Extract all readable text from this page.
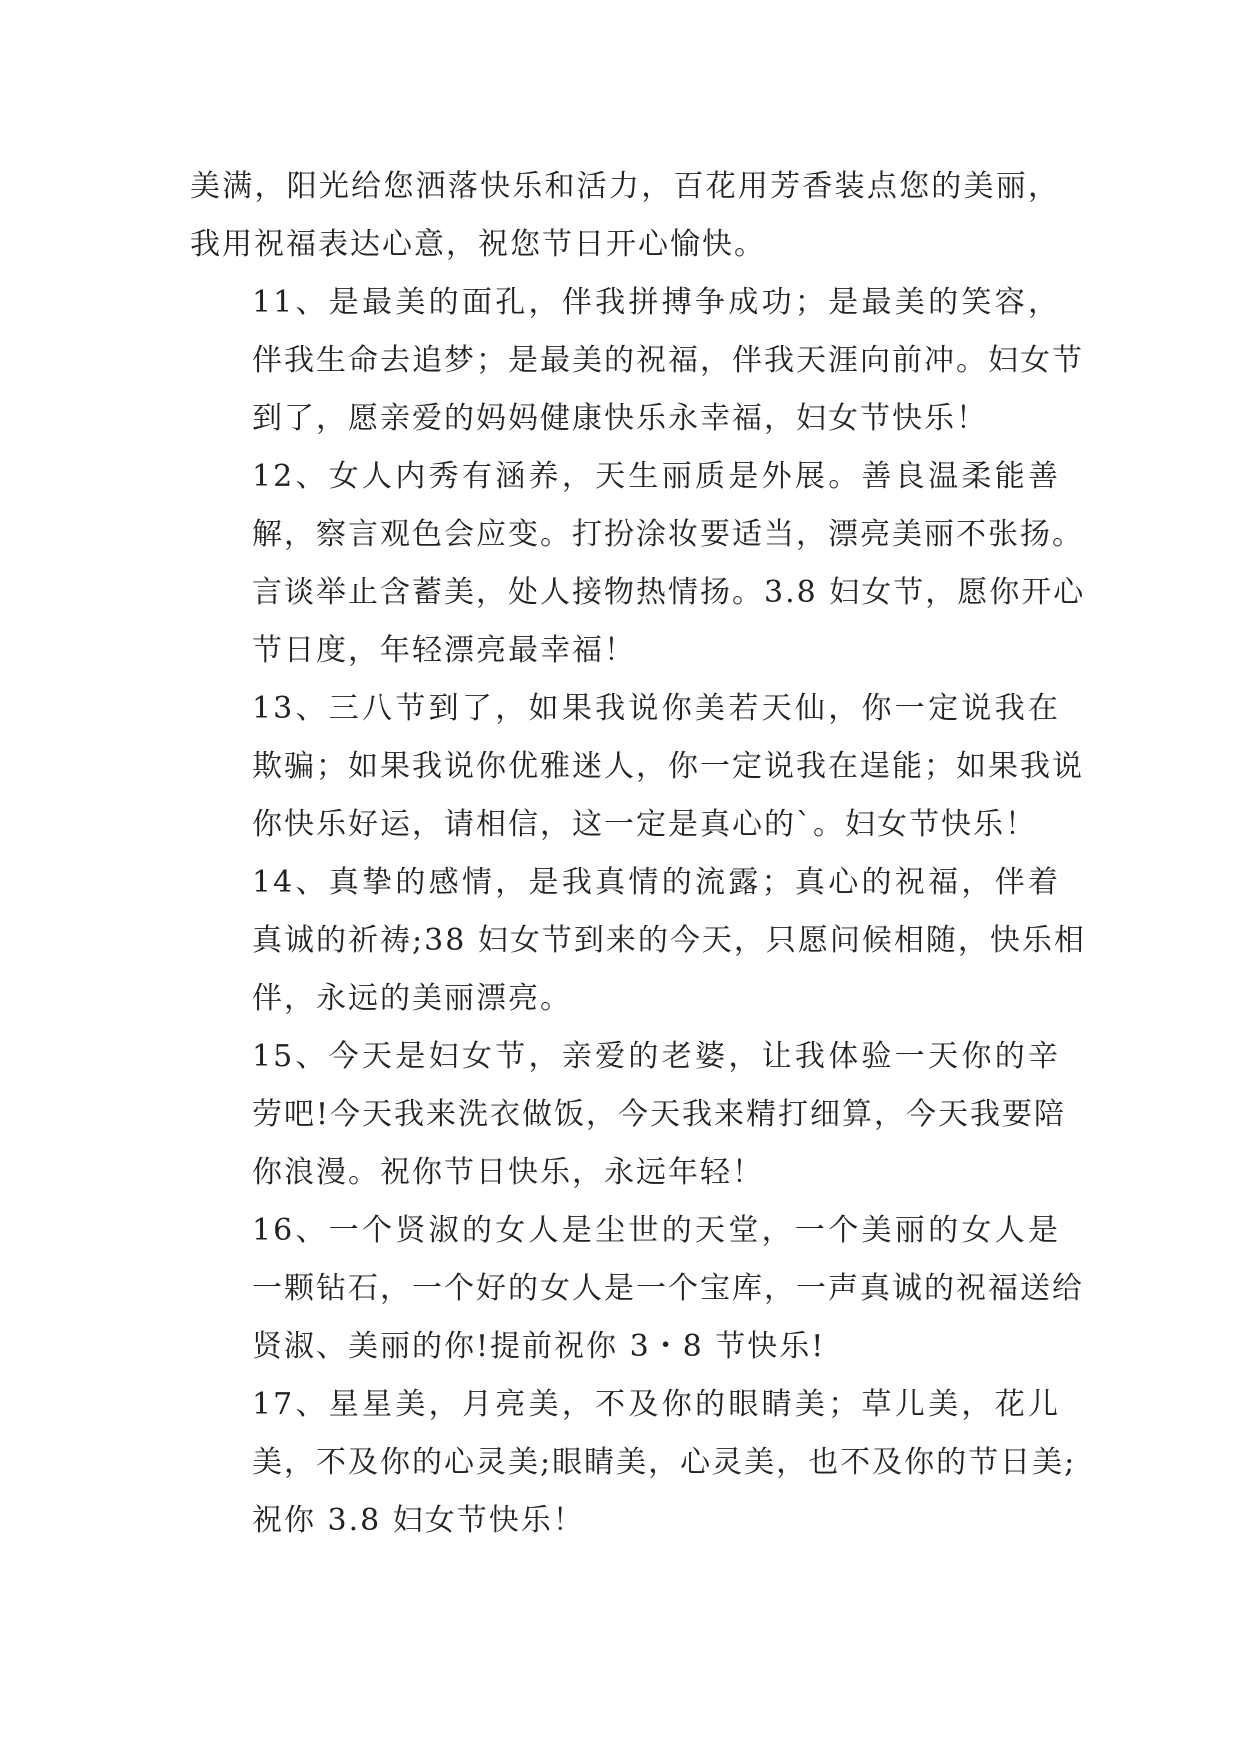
美满，阳光给您洒落快乐和活力，百花用芳香装点您的美丽，
我用祝福表达心意，祝您节日开心愉快。

11、是最美的面孔，伴我拼搏争成功；是最美的笑容，
伴我生命去追梦；是最美的祝福，伴我天涯向前冲。妇女节
到了，愿亲爱的妈妈健康快乐永幸福，妇女节快乐！

12、女人内秀有涵养，天生丽质是外展。善良温柔能善
解，察言观色会应变。打扮涂妆要适当，漂亮美丽不张扬。
言谈举止含蓄美，处人接物热情扬。3.8 妇女节，愿你开心
节日度，年轻漂亮最幸福！

13、三八节到了，如果我说你美若天仙，你一定说我在
欺骗；如果我说你优雅迷人，你一定说我在逞能；如果我说
你快乐好运，请相信，这一定是真心的`。妇女节快乐！

14、真挚的感情，是我真情的流露；真心的祝福，伴着
真诚的祈祷;38 妇女节到来的今天，只愿问候相随，快乐相
伴，永远的美丽漂亮。

15、今天是妇女节，亲爱的老婆，让我体验一天你的辛
劳吧!今天我来洗衣做饭，今天我来精打细算，今天我要陪
你浪漫。祝你节日快乐，永远年轻！

16、一个贤淑的女人是尘世的天堂，一个美丽的女人是
一颗钻石，一个好的女人是一个宝库，一声真诚的祝福送给
贤淑、美丽的你!提前祝你 3・8 节快乐!

17、星星美，月亮美，不及你的眼睛美；草儿美，花儿
美，不及你的心灵美;眼睛美，心灵美，也不及你的节日美;
祝你 3.8 妇女节快乐！
